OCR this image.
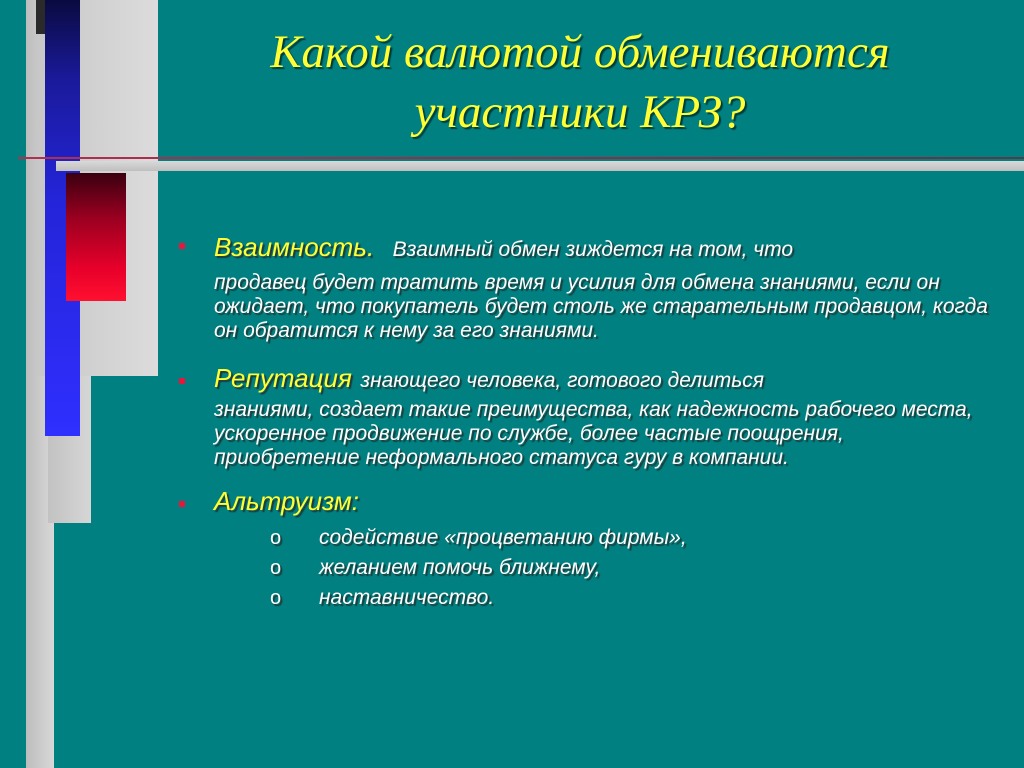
Какой валютой обмениваются
участники КРЗ?
Взаимность. Взаимный обмен зиждется на том, что
продавец будет тратить время и усилия для обмена знаниями, если он ожидает, что покупатель будет столь же старательным продавцом, когда он обратится к нему за его знаниями.
Репутация знающего человека, готового делиться
знаниями, создает такие преимущества, как надежность рабочего места, ускоренное продвижение по службе, более частые поощрения, приобретение неформального статуса гуру в компании.
Альтруизм:
o содействие «процветанию фирмы»,
o желанием помочь ближнему,
o наставничество.
